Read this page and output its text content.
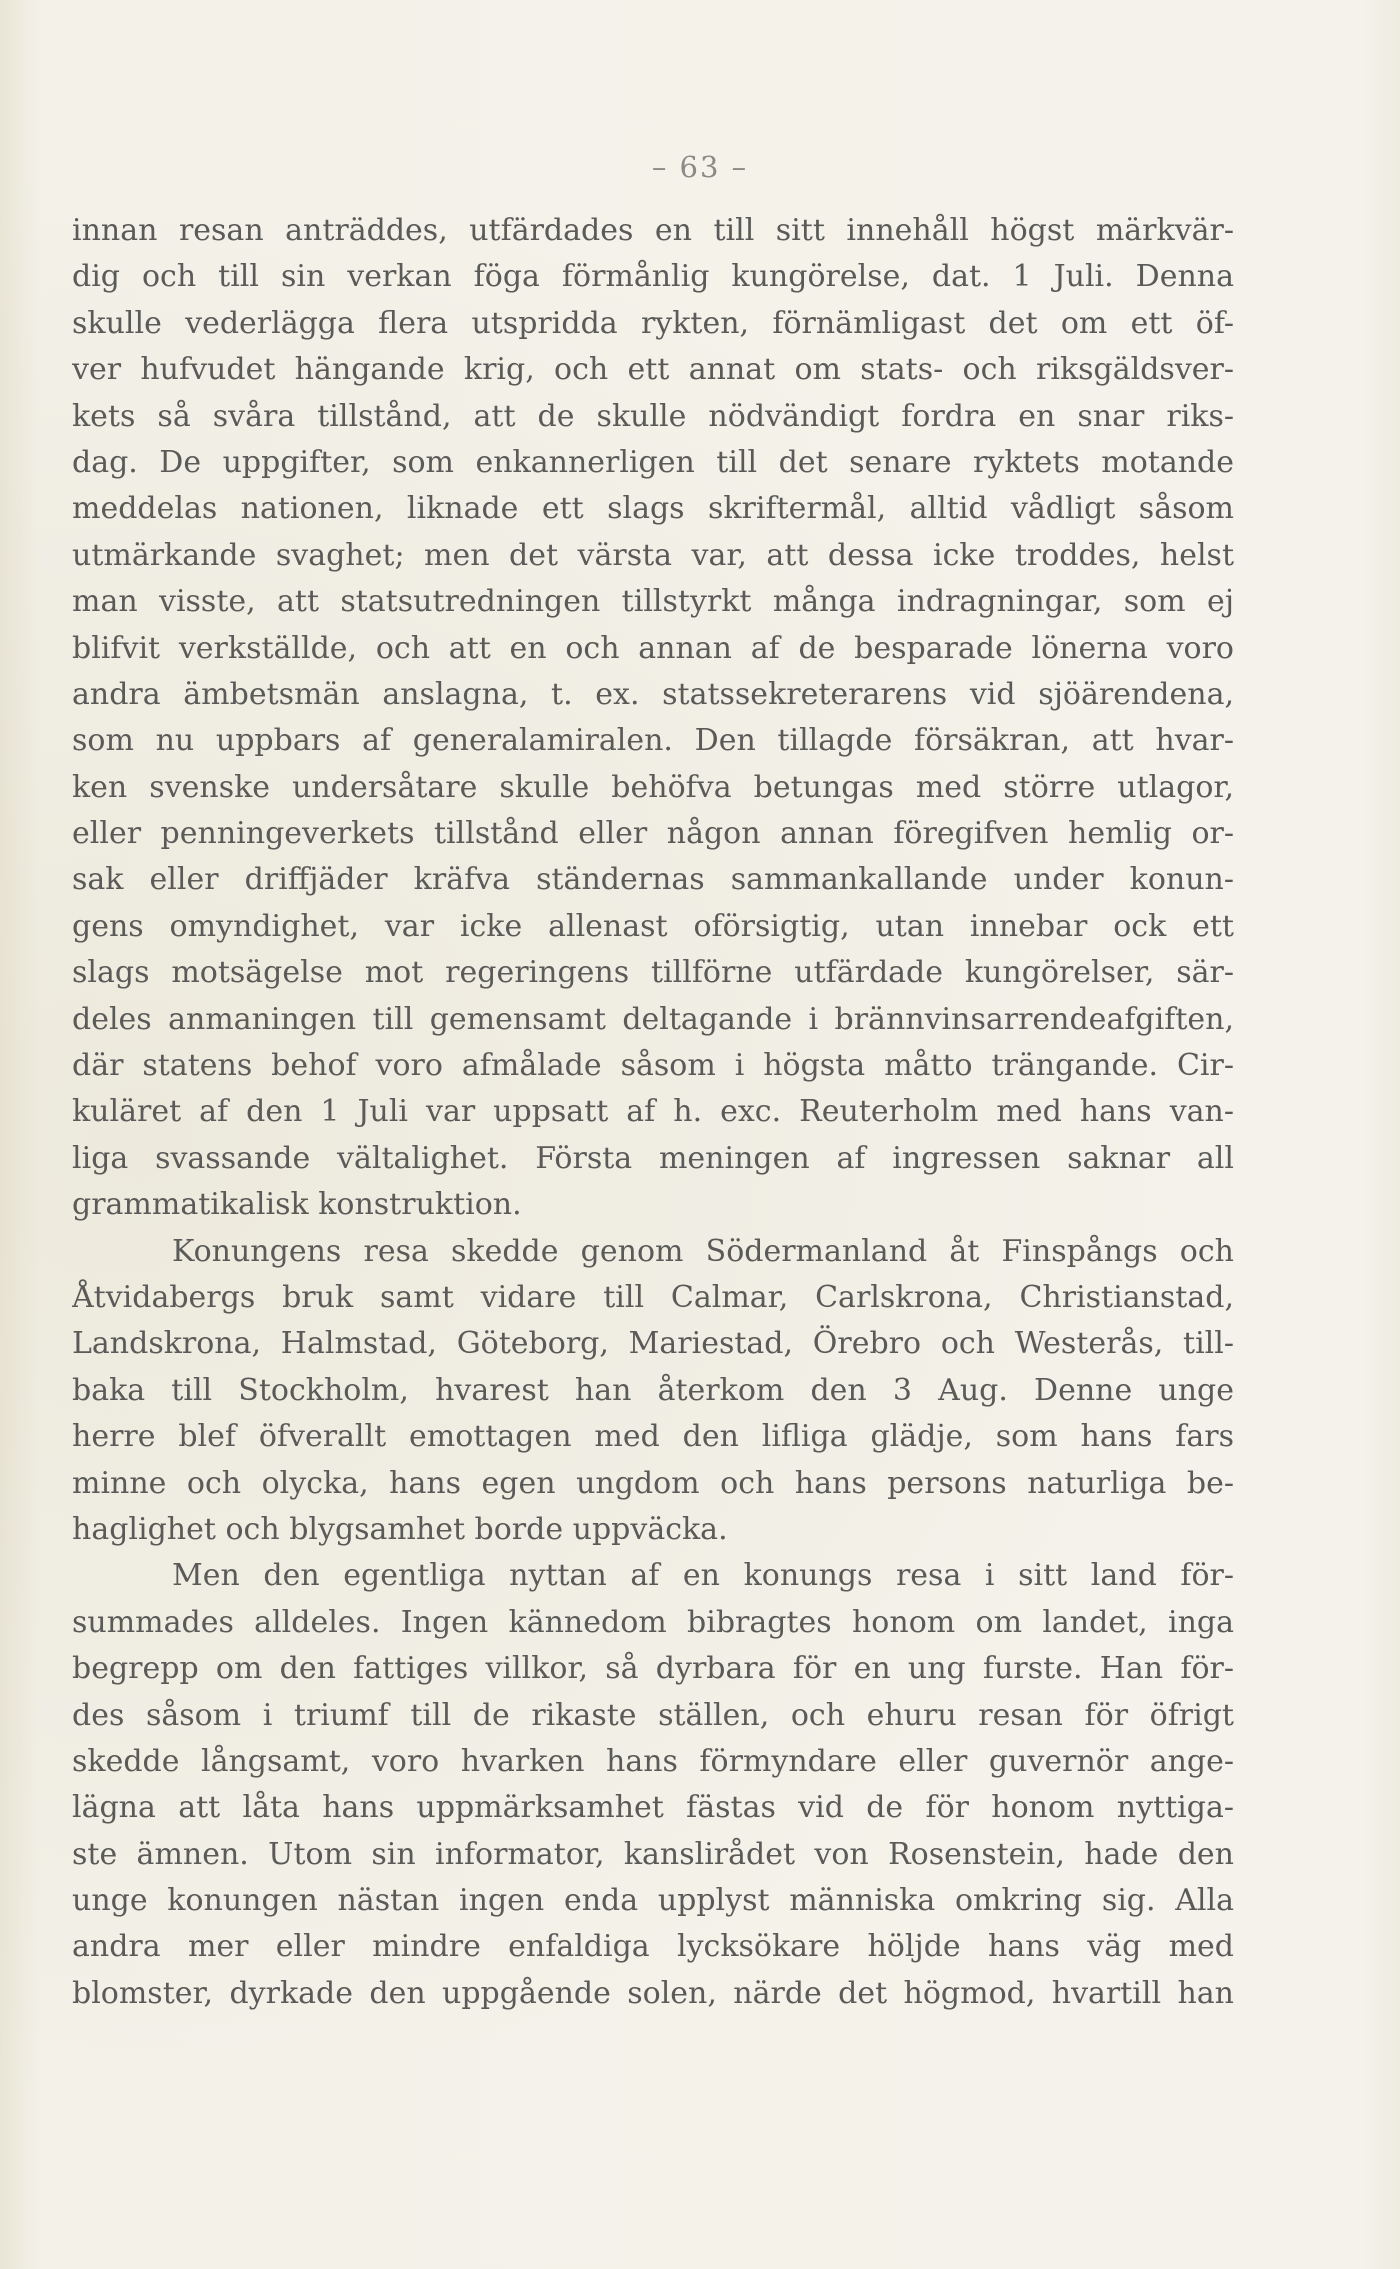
– 63 –
innan resan anträddes, utfärdades en till sitt innehåll högst märkvär-
dig och till sin verkan föga förmånlig kungörelse, dat. 1 Juli. Denna
skulle vederlägga flera utspridda rykten, förnämligast det om ett öf-
ver hufvudet hängande krig, och ett annat om stats- och riksgäldsver-
kets så svåra tillstånd, att de skulle nödvändigt fordra en snar riks-
dag. De uppgifter, som enkannerligen till det senare ryktets motande
meddelas nationen, liknade ett slags skriftermål, alltid vådligt såsom
utmärkande svaghet; men det värsta var, att dessa icke troddes, helst
man visste, att statsutredningen tillstyrkt många indragningar, som ej
blifvit verkställde, och att en och annan af de besparade lönerna voro
andra ämbetsmän anslagna, t. ex. statssekreterarens vid sjöärendena,
som nu uppbars af generalamiralen. Den tillagde försäkran, att hvar-
ken svenske undersåtare skulle behöfva betungas med större utlagor,
eller penningeverkets tillstånd eller någon annan föregifven hemlig or-
sak eller driffjäder kräfva ständernas sammankallande under konun-
gens omyndighet, var icke allenast oförsigtig, utan innebar ock ett
slags motsägelse mot regeringens tillförne utfärdade kungörelser, sär-
deles anmaningen till gemensamt deltagande i brännvinsarrendeafgiften,
där statens behof voro afmålade såsom i högsta måtto trängande. Cir-
kuläret af den 1 Juli var uppsatt af h. exc. Reuterholm med hans van-
liga svassande vältalighet. Första meningen af ingressen saknar all
grammatikalisk konstruktion.
Konungens resa skedde genom Södermanland åt Finspångs och
Åtvidabergs bruk samt vidare till Calmar, Carlskrona, Christianstad,
Landskrona, Halmstad, Göteborg, Mariestad, Örebro och Westerås, till-
baka till Stockholm, hvarest han återkom den 3 Aug. Denne unge
herre blef öfverallt emottagen med den lifliga glädje, som hans fars
minne och olycka, hans egen ungdom och hans persons naturliga be-
haglighet och blygsamhet borde uppväcka.
Men den egentliga nyttan af en konungs resa i sitt land för-
summades alldeles. Ingen kännedom bibragtes honom om landet, inga
begrepp om den fattiges villkor, så dyrbara för en ung furste. Han för-
des såsom i triumf till de rikaste ställen, och ehuru resan för öfrigt
skedde långsamt, voro hvarken hans förmyndare eller guvernör ange-
lägna att låta hans uppmärksamhet fästas vid de för honom nyttiga-
ste ämnen. Utom sin informator, kanslirådet von Rosenstein, hade den
unge konungen nästan ingen enda upplyst människa omkring sig. Alla
andra mer eller mindre enfaldiga lycksökare höljde hans väg med
blomster, dyrkade den uppgående solen, närde det högmod, hvartill han
